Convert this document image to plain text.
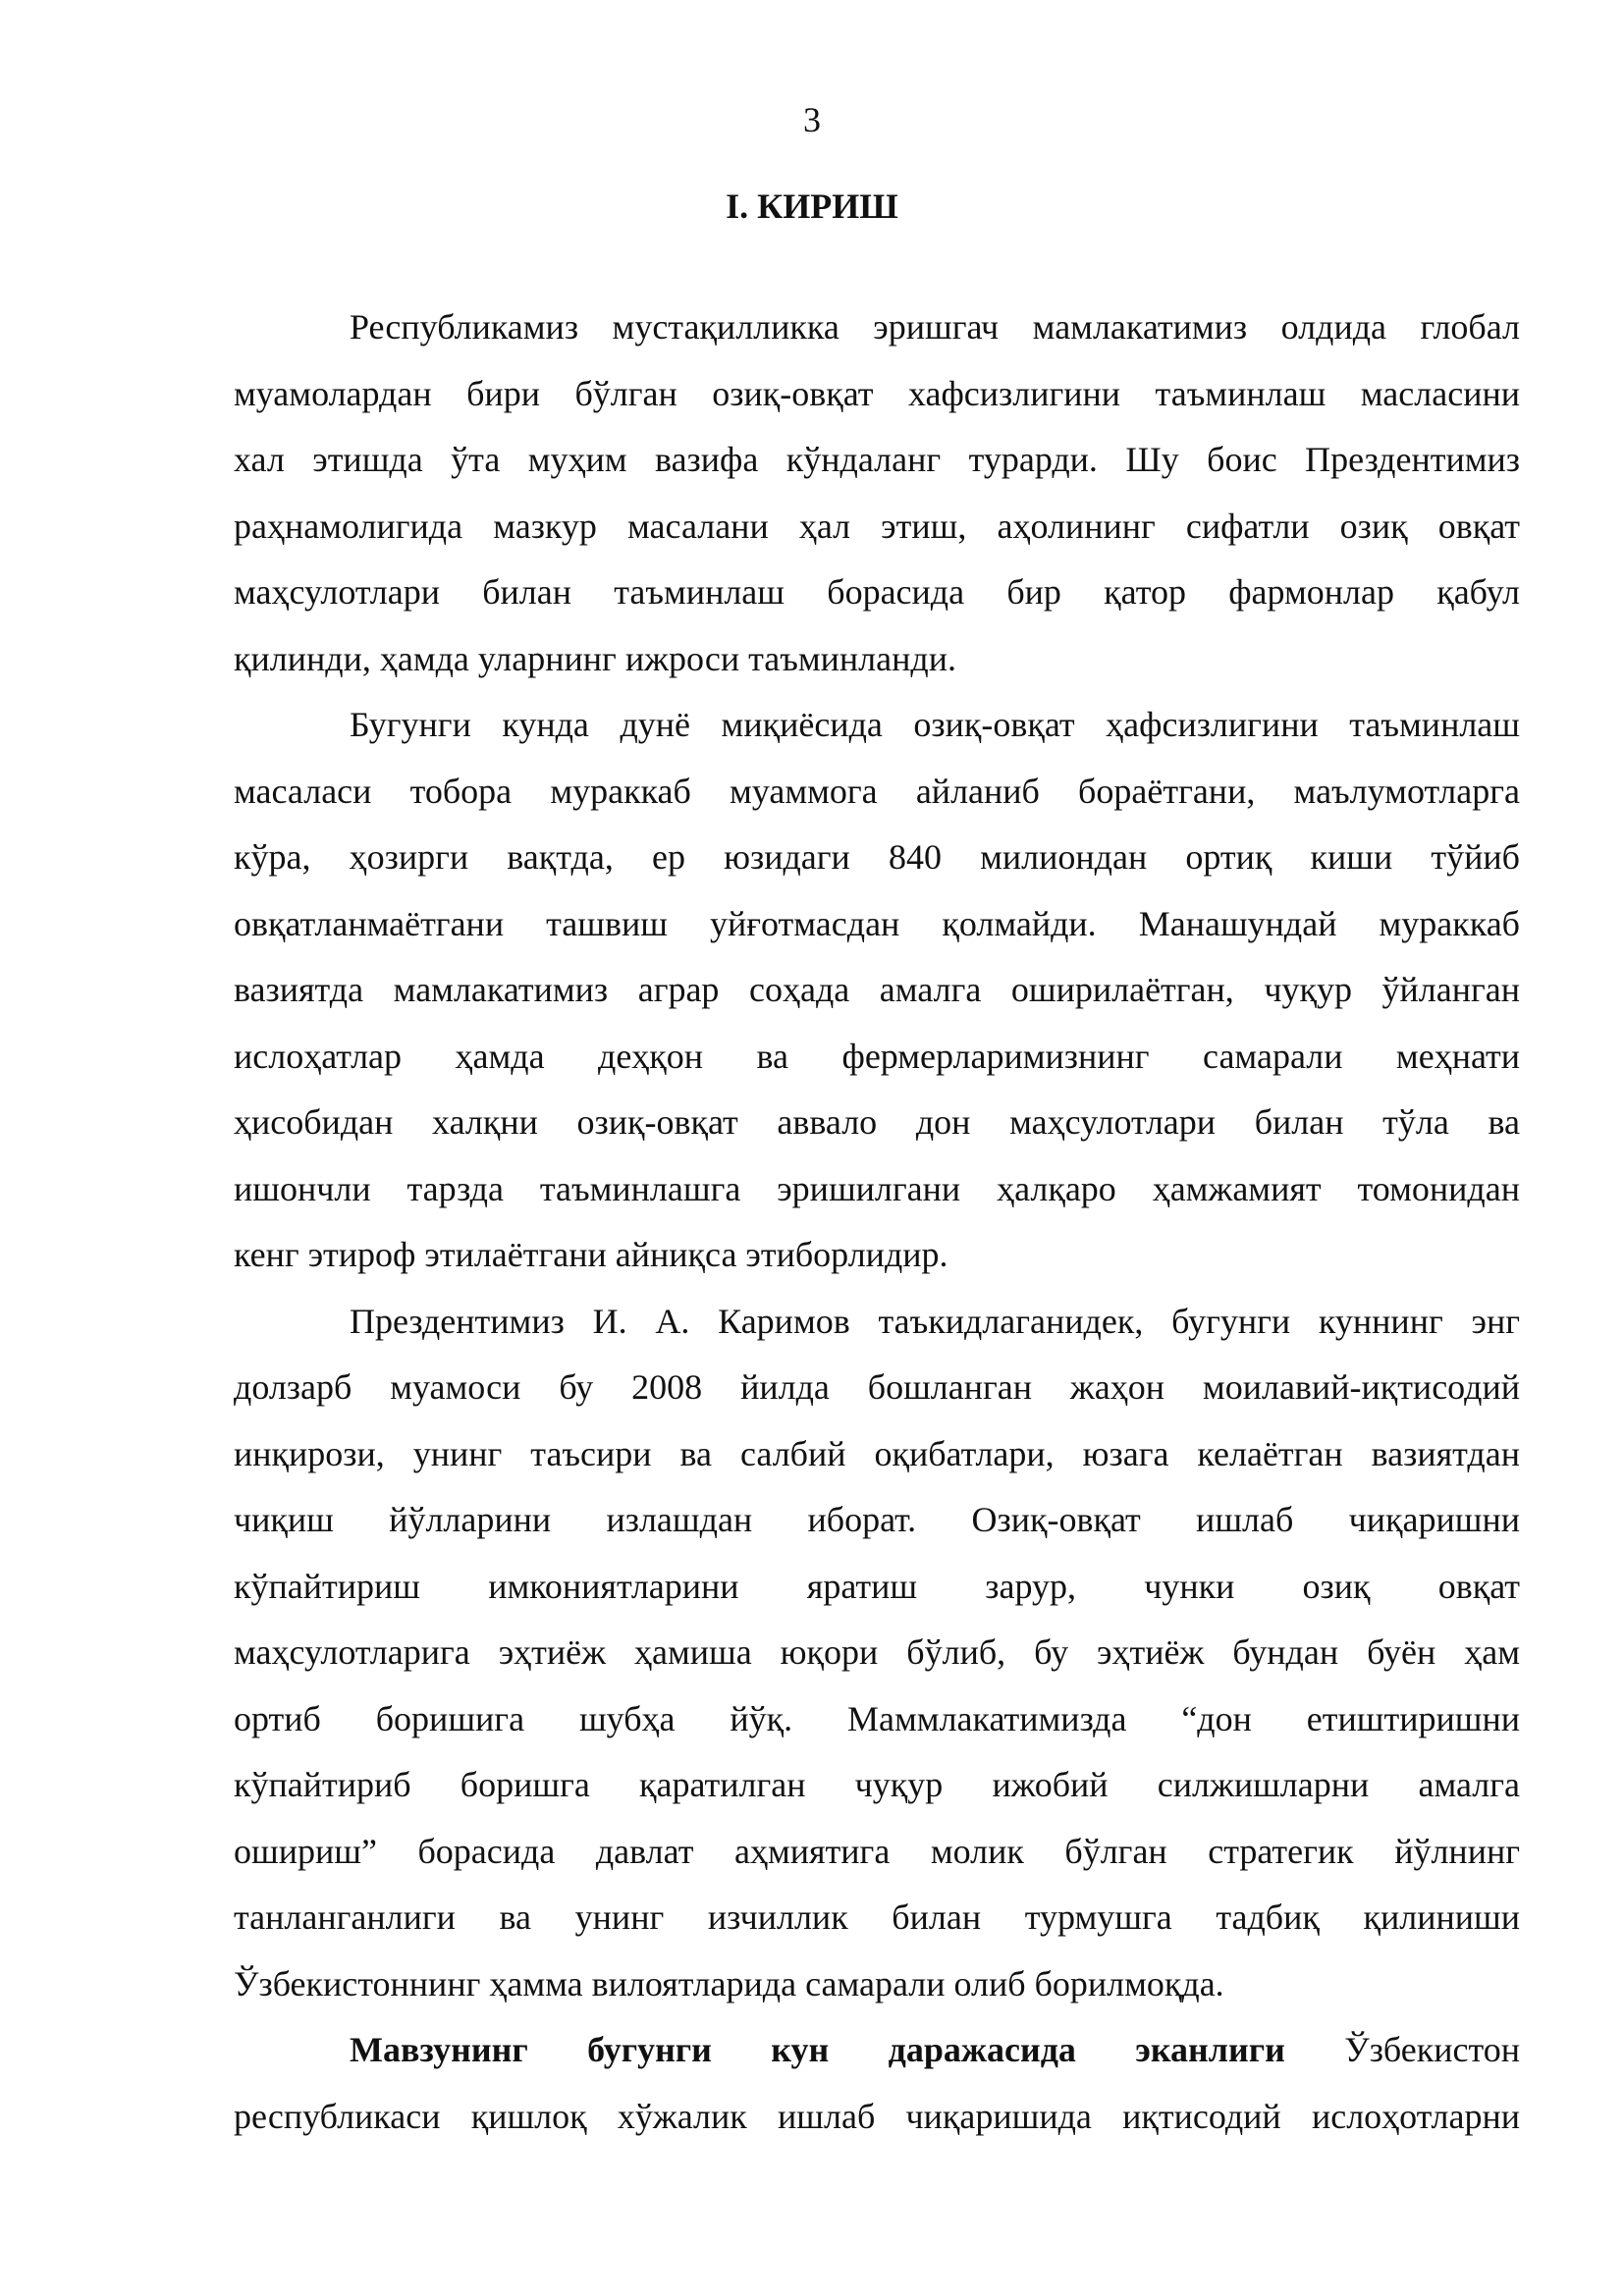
3
I. КИРИШ
Республикамиз мустақилликка эришгач мамлакатимиз олдида глобал
муамолардан бири бўлган озиқ-овқат хафсизлигини таъминлаш масласини
хал этишда ўта муҳим вазифа кўндаланг турарди. Шу боис Прездентимиз
раҳнамолигида мазкур масалани ҳал этиш, аҳолининг сифатли озиқ овқат
маҳсулотлари билан таъминлаш борасида бир қатор фармонлар қабул
қилинди, ҳамда уларнинг ижроси таъминланди.
Бугунги кунда дунё миқиёсида озиқ-овқат ҳафсизлигини таъминлаш
масаласи тобора мураккаб муаммога айланиб бораётгани, маълумотларга
кўра, ҳозирги вақтда, ер юзидаги 840 милиондан ортиқ киши тўйиб
овқатланмаётгани ташвиш уйғотмасдан қолмайди. Манашундай мураккаб
вазиятда мамлакатимиз аграр соҳада амалга оширилаётган, чуқур ўйланган
ислоҳатлар ҳамда деҳқон ва фермерларимизнинг самарали меҳнати
ҳисобидан халқни озиқ-овқат аввало дон маҳсулотлари билан тўла ва
ишончли тарзда таъминлашга эришилгани ҳалқаро ҳамжамият томонидан
кенг этироф этилаётгани айниқса этиборлидир.
Прездентимиз И. А. Каримов таъкидлаганидек, бугунги куннинг энг
долзарб муамоси бу 2008 йилда бошланган жаҳон моилавий-иқтисодий
инқирози, унинг таъсири ва салбий оқибатлари, юзага келаётган вазиятдан
чиқиш йўлларини излашдан иборат. Озиқ-овқат ишлаб чиқаришни
кўпайтириш имкониятларини яратиш зарур, чунки озиқ овқат
маҳсулотларига эҳтиёж ҳамиша юқори бўлиб, бу эҳтиёж бундан буён ҳам
ортиб боришига шубҳа йўқ. Маммлакатимизда “дон етиштиришни
кўпайтириб боришга қаратилган чуқур ижобий силжишларни амалга
ошириш” борасида давлат аҳмиятига молик бўлган стратегик йўлнинг
танланганлиги ва унинг изчиллик билан турмушга тадбиқ қилиниши
Ўзбекистоннинг ҳамма вилоятларида самарали олиб борилмоқда.
Мавзунинг бугунги кун даражасида эканлиги Ўзбекистон
республикаси қишлоқ хўжалик ишлаб чиқаришида иқтисодий ислоҳотларни
